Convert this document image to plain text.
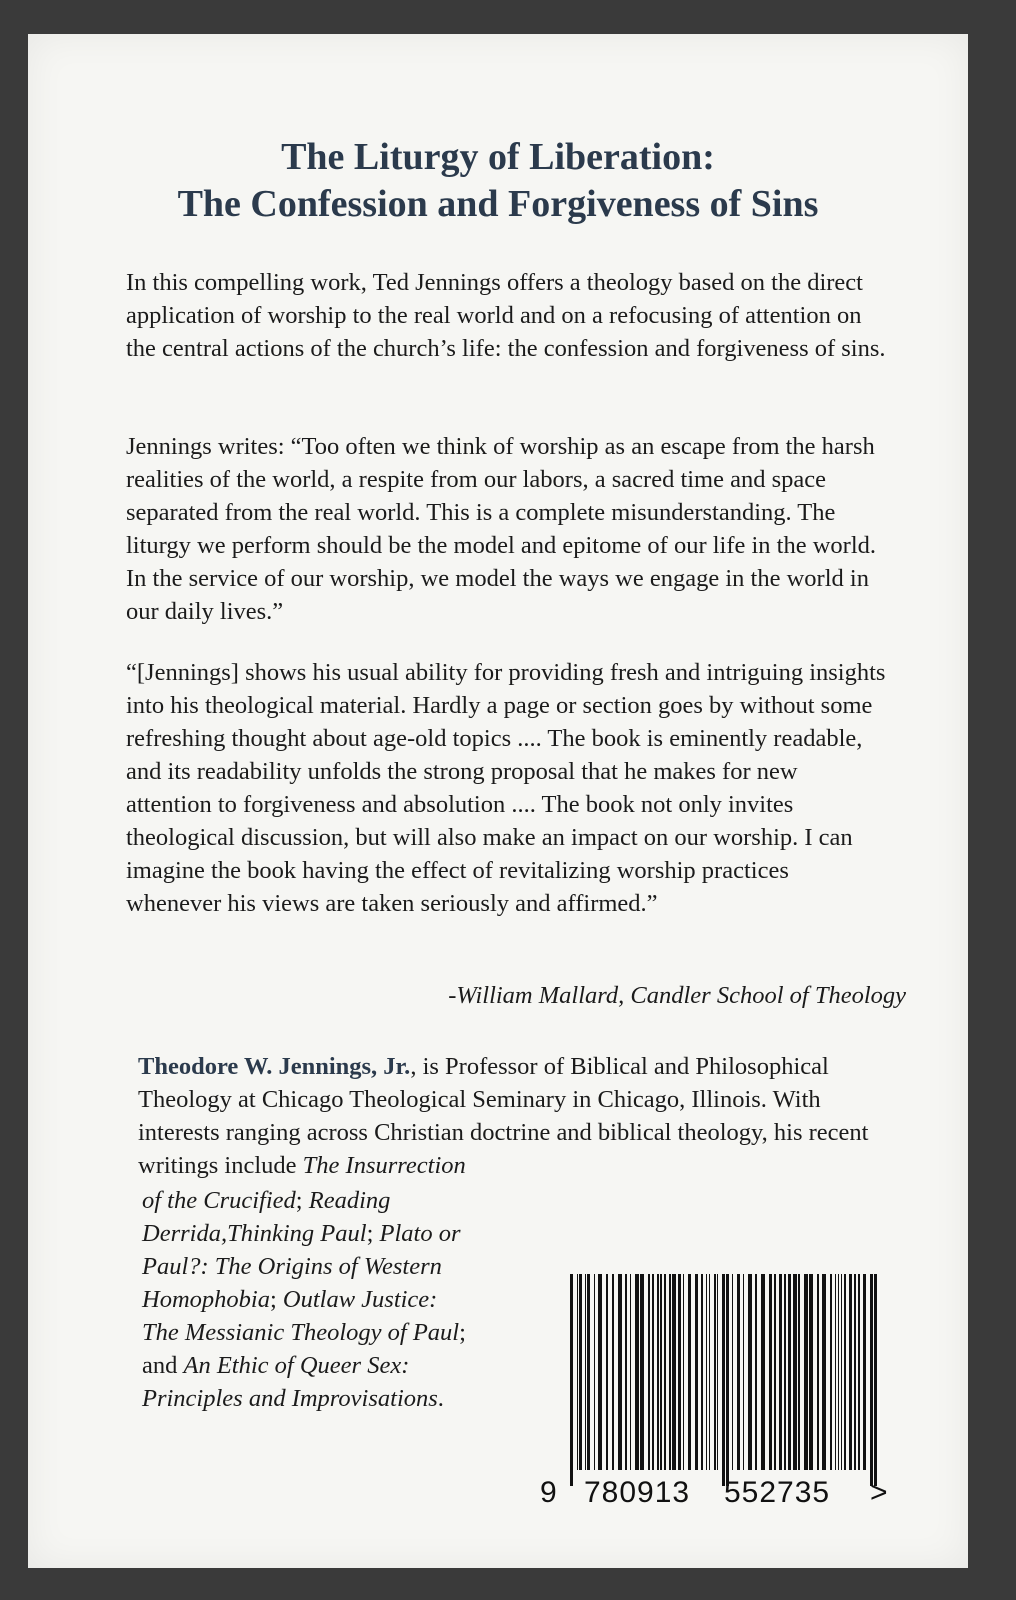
The Liturgy of Liberation:
The Confession and Forgiveness of Sins
In this compelling work, Ted Jennings offers a theology based on the direct application of worship to the real world and on a refocusing of attention on the central actions of the church’s life: the confession and forgiveness of sins.
Jennings writes: “Too often we think of worship as an escape from the harsh realities of the world, a respite from our labors, a sacred time and space separated from the real world. This is a complete misunderstanding. The liturgy we perform should be the model and epitome of our life in the world. In the service of our worship, we model the ways we engage in the world in our daily lives.”
“[Jennings] shows his usual ability for providing fresh and intriguing insights into his theological material. Hardly a page or section goes by without some refreshing thought about age-old topics .... The book is eminently readable, and its readability unfolds the strong proposal that he makes for new attention to forgiveness and absolution .... The book not only invites theological discussion, but will also make an impact on our worship. I can imagine the book having the effect of revitalizing worship practices whenever his views are taken seriously and affirmed.”
-William Mallard, Candler School of Theology
Theodore W. Jennings, Jr., is Professor of Biblical and Philosophical Theology at Chicago Theological Seminary in Chicago, Illinois. With interests ranging across Christian doctrine and biblical theology, his recent writings include The Insurrection
of the Crucified; Reading Derrida,Thinking Paul; Plato or Paul?: The Origins of Western Homophobia; Outlaw Justice: The Messianic Theology of Paul; and An Ethic of Queer Sex: Principles and Improvisations.
9 780913 552735 >
